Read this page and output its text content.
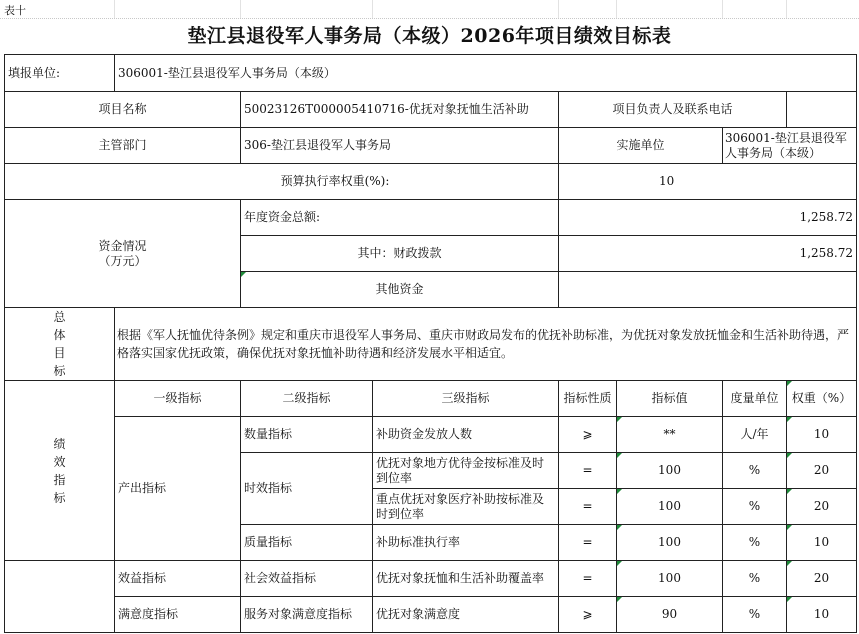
表十
垫江县退役军人事务局（本级）2026年项目绩效目标表
填报单位:	306001-垫江县退役军人事务局（本级）						
项目名称		50023126T000005410716-优抚对象抚恤生活补助		项目负责人及联系电话			
主管部门		306-垫江县退役军人事务局		实施单位		306001-垫江县退役军人事务局（本级）	
预算执行率权重(%):				10			

资金情况
（万元）		年度资金总额:		1,258.72			
		其中：财政拨款		1,258.72			
		其他资金					

总
体
目
标	根据《军人抚恤优待条例》规定和重庆市退役军人事务局、重庆市财政局发布的优抚补助标准，为优抚对象发放抚恤金和生活补助待遇，严格落实国家优抚政策，确保优抚对象抚恤补助待遇和经济发展水平相适宜。						

绩
效
指
标	一级指标	二级指标	三级指标	指标性质	指标值	度量单位	权重（%）
	产出指标	数量指标	补助资金发放人数	⩾	**	人/年	10
		时效指标	优抚对象地方优待金按标准及时到位率	=	100	%	20
			重点优抚对象医疗补助按标准及时到位率	=	100	%	20
		质量指标	补助标准执行率	=	100	%	10
	效益指标	社会效益指标	优抚对象抚恤和生活补助覆盖率	=	100	%	20
	满意度指标	服务对象满意度指标	优抚对象满意度	⩾	90	%	10
